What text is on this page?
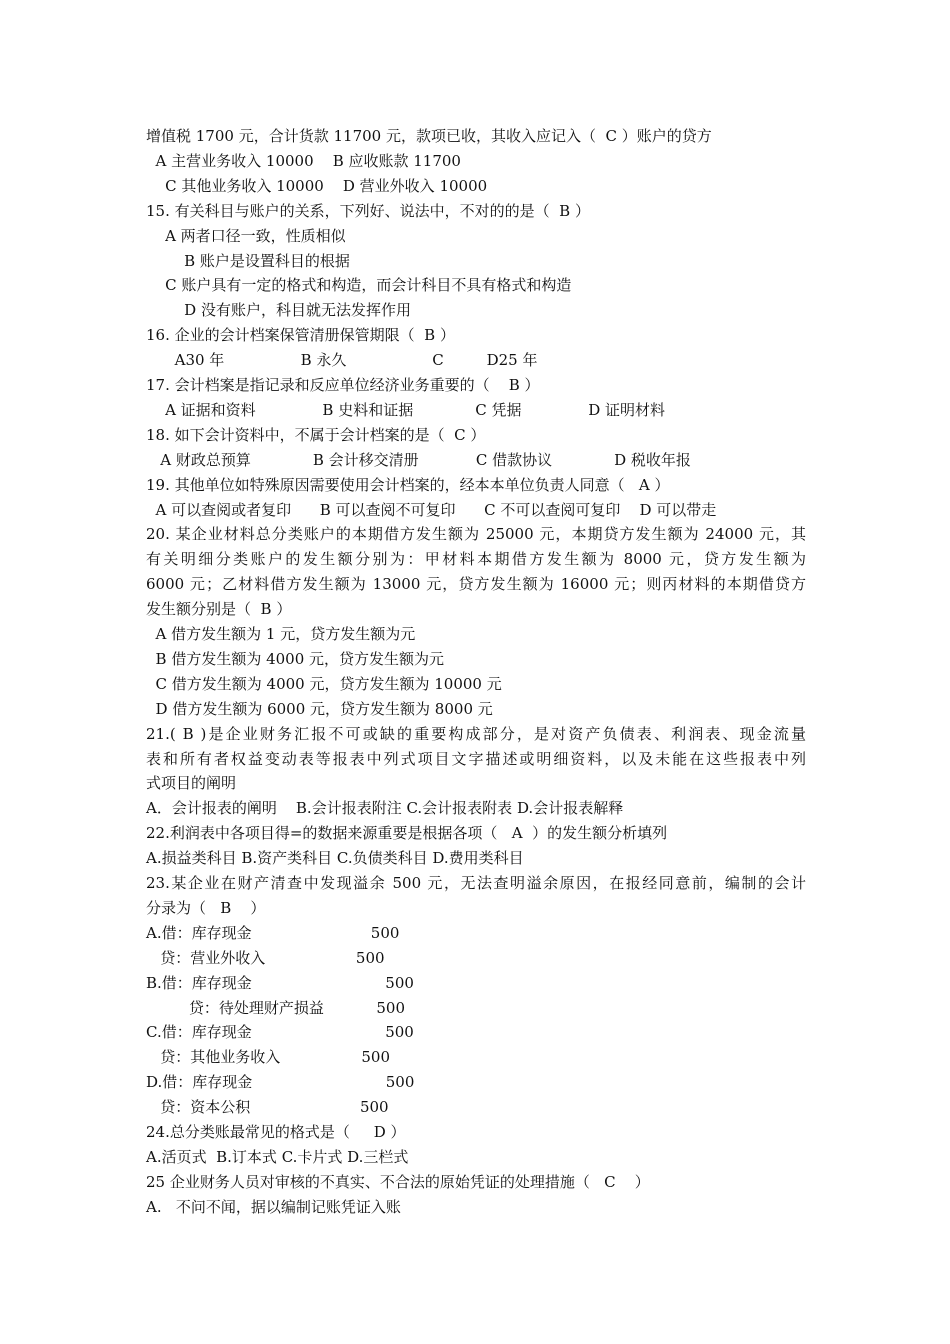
增值税 1700 元，合计货款 11700 元，款项已收，其收入应记入（  C ）账户的贷方
A 主营业务收入 10000    B 应收账款 11700
C 其他业务收入 10000    D 营业外收入 10000
15. 有关科目与账户的关系，下列好、说法中，不对的的是（  B ）
A 两者口径一致，性质相似
B 账户是设置科目的根据
C 账户具有一定的格式和构造，而会计科目不具有格式和构造
D 没有账户，科目就无法发挥作用
16. 企业的会计档案保管清册保管期限（  B ）
A30 年                B 永久                  C         D25 年
17. 会计档案是指记录和反应单位经济业务重要的（    B ）
A 证据和资料              B 史料和证据             C 凭据              D 证明材料
18. 如下会计资料中，不属于会计档案的是（  C ）
A 财政总预算             B 会计移交清册            C 借款协议             D 税收年报
19. 其他单位如特殊原因需要使用会计档案的，经本本单位负责人同意（   A ）
A 可以查阅或者复印      B 可以查阅不可复印      C 不可以查阅可复印    D 可以带走
20. 某企业材料总分类账户的本期借方发生额为 25000 元，本期贷方发生额为 24000 元，其
有关明细分类账户的发生额分别为：甲材料本期借方发生额为 8000 元，贷方发生额为
6000 元；乙材料借方发生额为 13000 元，贷方发生额为 16000 元；则丙材料的本期借贷方
发生额分别是（  B ）
A 借方发生额为 1 元，贷方发生额为元
B 借方发生额为 4000 元，贷方发生额为元
C 借方发生额为 4000 元，贷方发生额为 10000 元
D 借方发生额为 6000 元，贷方发生额为 8000 元
21.( B )是企业财务汇报不可或缺的重要构成部分，是对资产负债表、利润表、现金流量
表和所有者权益变动表等报表中列式项目文字描述或明细资料，以及未能在这些报表中列
式项目的阐明
A．会计报表的阐明    B.会计报表附注 C.会计报表附表 D.会计报表解释
22.利润表中各项目得=的数据来源重要是根据各项（   A  ）的发生额分析填列
A.损益类科目 B.资产类科目 C.负债类科目 D.费用类科目
23.某企业在财产清查中发现溢余 500 元，无法查明溢余原因，在报经同意前，编制的会计
分录为（   B    ）
A.借：库存现金                         500
贷：营业外收入                   500
B.借：库存现金                            500
贷：待处理财产损益           500
C.借：库存现金                            500
贷：其他业务收入                 500
D.借：库存现金                            500
贷：资本公积                       500
24.总分类账最常见的格式是（     D ）
A.活页式  B.订本式 C.卡片式 D.三栏式
25 企业财务人员对审核的不真实、不合法的原始凭证的处理措施（   C    ）
A.   不问不闻，据以编制记账凭证入账
